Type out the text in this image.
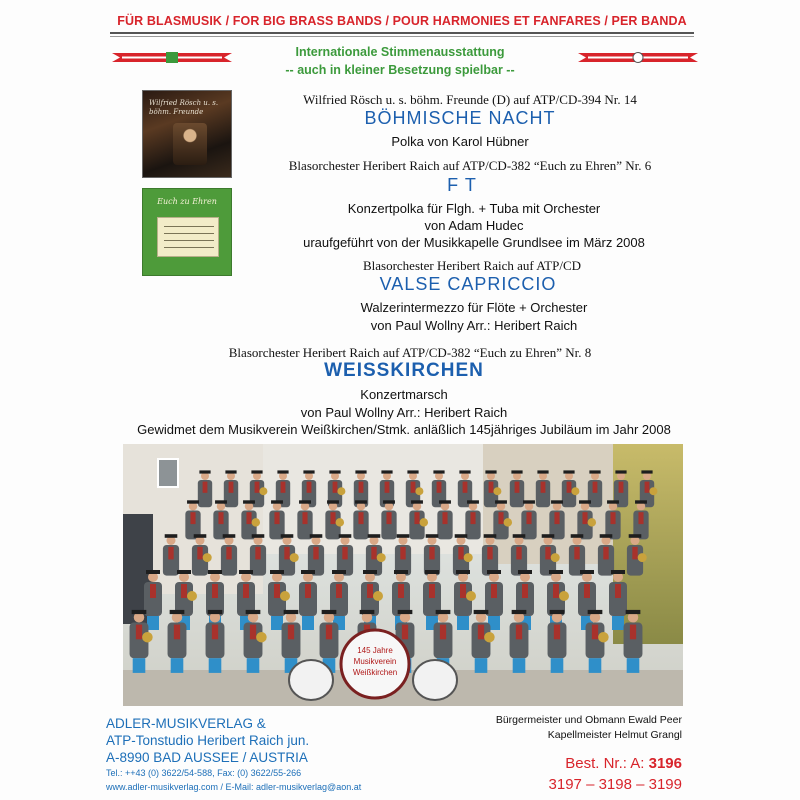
FÜR BLASMUSIK / FOR BIG BRASS BANDS / POUR HARMONIES ET FANFARES / PER BANDA
Internationale Stimmenausstattung
-- auch in kleiner Besetzung spielbar --
Wilfried Rösch u. s. böhm. Freunde
Euch zu Ehren
Wilfried Rösch u. s. böhm. Freunde (D) auf ATP/CD-394 Nr. 14
BÖHMISCHE NACHT
Polka von Karol Hübner
Blasorchester Heribert Raich auf ATP/CD-382 “Euch zu Ehren” Nr. 6
F T
Konzertpolka für Flgh. + Tuba mit Orchester
von Adam Hudec
uraufgeführt von der Musikkapelle Grundlsee im März 2008
Blasorchester Heribert Raich auf ATP/CD
VALSE CAPRICCIO
Walzerintermezzo für Flöte + Orchester
von Paul Wollny Arr.: Heribert Raich
Blasorchester Heribert Raich auf ATP/CD-382 “Euch zu Ehren” Nr. 8
WEISSKIRCHEN
Konzertmarsch
von Paul Wollny Arr.: Heribert Raich
Gewidmet dem Musikverein Weißkirchen/Stmk. anläßlich 145jähriges Jubiläum im Jahr 2008
145 Jahre
Musikverein
Weißkirchen
ADLER-MUSIKVERLAG &
ATP-Tonstudio Heribert Raich jun.
A-8990 BAD AUSSEE / AUSTRIA
Tel.: ++43 (0) 3622/54-588, Fax: (0) 3622/55-266
www.adler-musikverlag.com / E-Mail: adler-musikverlag@aon.at
Bürgermeister und Obmann Ewald Peer
Kapellmeister Helmut Grangl
Best. Nr.: A: 3196
3197 – 3198 – 3199
